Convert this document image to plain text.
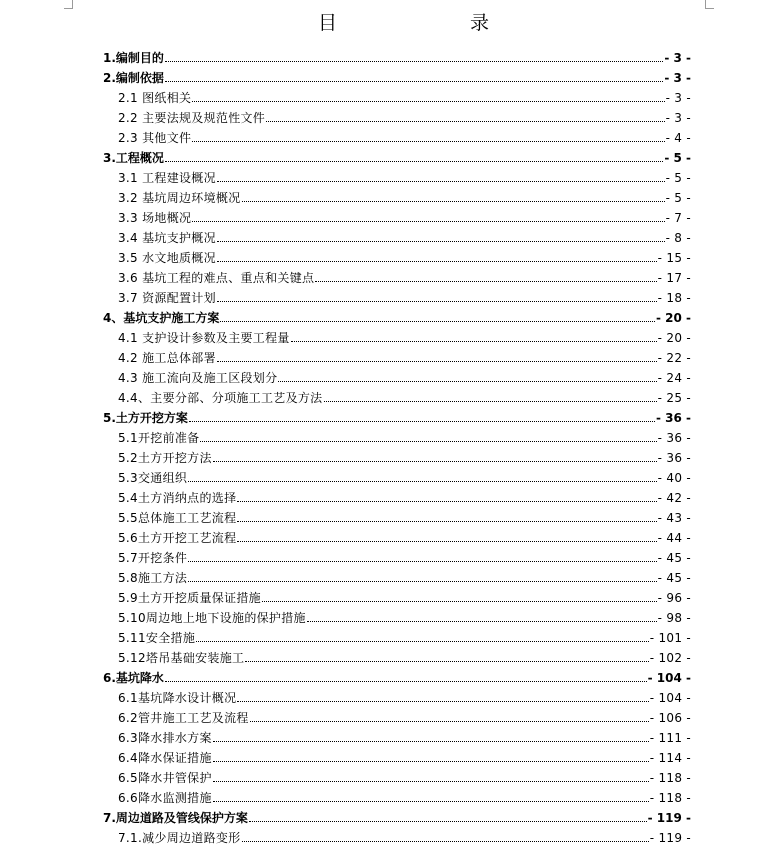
目	录
1.编制目的	- 3 -
2.编制依据	- 3 -
2.1 图纸相关	- 3 -
2.2 主要法规及规范性文件	- 3 -
2.3 其他文件	- 4 -
3.工程概况	- 5 -
3.1 工程建设概况	- 5 -
3.2 基坑周边环境概况	- 5 -
3.3 场地概况	- 7 -
3.4 基坑支护概况	- 8 -
3.5 水文地质概况	- 15 -
3.6 基坑工程的难点、重点和关键点	- 17 -
3.7 资源配置计划	- 18 -
4、基坑支护施工方案	- 20 -
4.1 支护设计参数及主要工程量	- 20 -
4.2 施工总体部署	- 22 -
4.3 施工流向及施工区段划分	- 24 -
4.4、主要分部、分项施工工艺及方法	- 25 -
5.土方开挖方案	- 36 -
5.1开挖前准备	- 36 -
5.2土方开挖方法	- 36 -
5.3交通组织	- 40 -
5.4土方消纳点的选择	- 42 -
5.5总体施工工艺流程	- 43 -
5.6土方开挖工艺流程	- 44 -
5.7开挖条件	- 45 -
5.8施工方法	- 45 -
5.9土方开挖质量保证措施	- 96 -
5.10周边地上地下设施的保护措施	- 98 -
5.11安全措施	- 101 -
5.12塔吊基础安装施工	- 102 -
6.基坑降水	- 104 -
6.1基坑降水设计概况	- 104 -
6.2管井施工工艺及流程	- 106 -
6.3降水排水方案	- 111 -
6.4降水保证措施	- 114 -
6.5降水井管保护	- 118 -
6.6降水监测措施	- 118 -
7.周边道路及管线保护方案	- 119 -
7.1.减少周边道路变形	- 119 -
